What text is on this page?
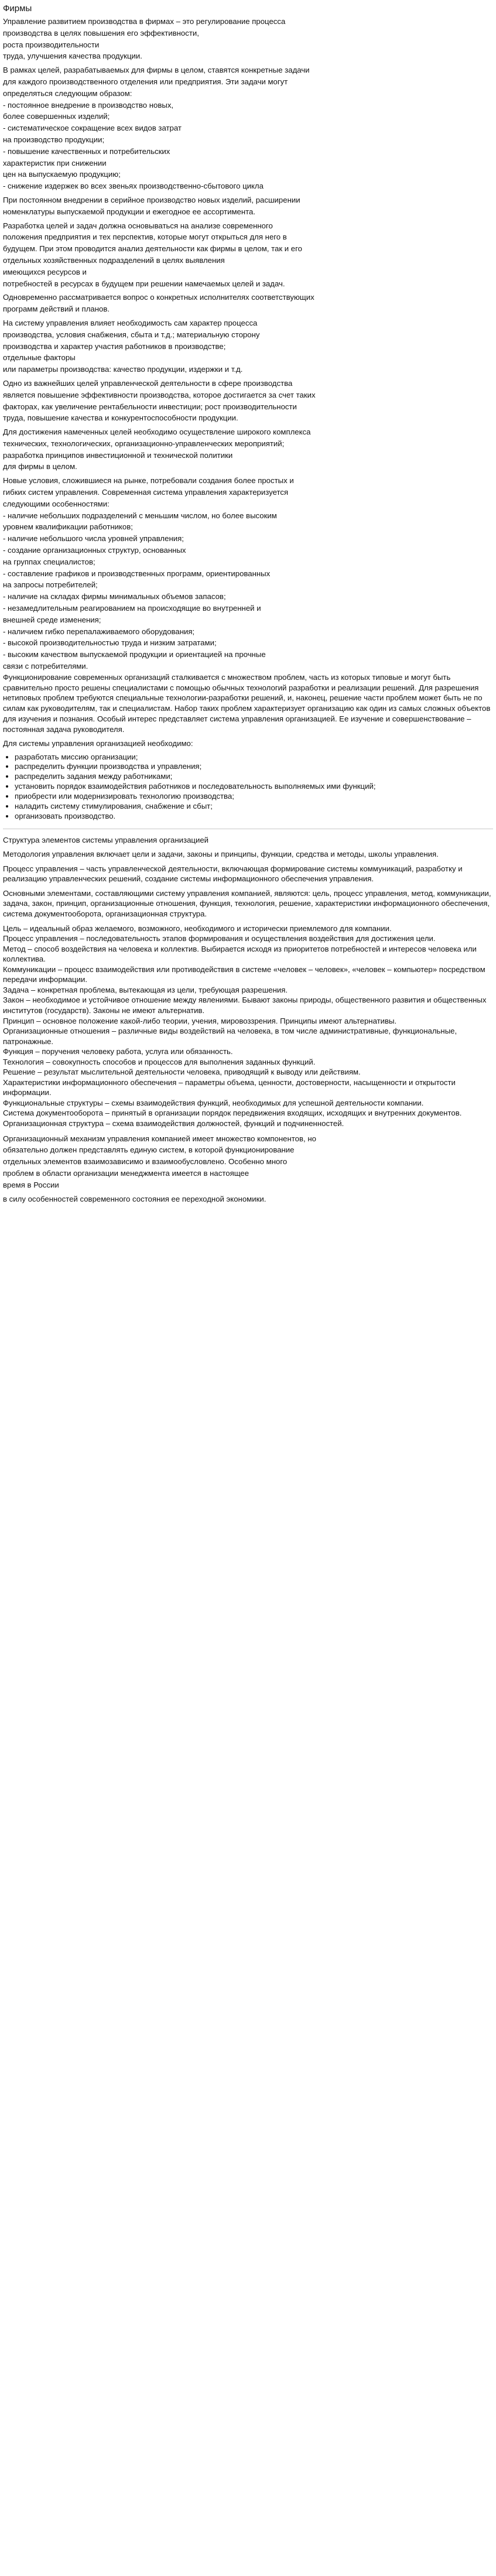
Фирмы

Управление развитием производства в фирмах – это регулирование процесса

производства в целях повышения его эффективности,

роста производительности

труда, улучшения качества продукции.

В рамках целей, разрабатываемых для фирмы в целом, ставятся конкретные задачи

для каждого производственного отделения или предприятия. Эти задачи могут

определяться следующим образом:

- постоянное внедрение в производство новых,

более совершенных изделий;

- систематическое сокращение всех видов затрат

на производство продукции;

- повышение качественных и потребительских

характеристик при снижении

цен на выпускаемую продукцию;

- снижение издержек во всех звеньях производственно-сбытового цикла

При постоянном внедрении в серийное производство новых изделий, расширении

номенклатуры выпускаемой продукции и ежегодное ее ассортимента.

Разработка целей и задач должна основываться на анализе современного

положения предприятия и тех перспектив, которые могут открыться для него в

будущем. При этом проводится анализ деятельности как фирмы в целом, так и его

отдельных хозяйственных подразделений в целях выявления

имеющихся ресурсов и

потребностей в ресурсах в будущем при решении намечаемых целей и задач.

Одновременно рассматривается вопрос о конкретных исполнителях соответствующих

программ действий и планов.

На систему управления влияет необходимость сам характер процесса

производства, условия снабжения, сбыта и т.д.; материальную сторону

производства и характер участия работников в производстве;

отдельные факторы

или параметры производства: качество продукции, издержки и т.д.

Одно из важнейших целей управленческой деятельности в сфере производства

является повышение эффективности производства, которое достигается за счет таких

факторах, как увеличение рентабельности инвестиции; рост производительности

труда, повышение качества и конкурентоспособности продукции.

Для достижения намеченных целей необходимо осуществление широкого комплекса

технических, технологических, организационно-управленческих мероприятий;

разработка принципов инвестиционной и технической политики

для фирмы в целом.

Новые условия, сложившиеся на рынке, потребовали создания более простых и

гибких систем управления. Современная система управления характеризуется

следующими особенностями:

- наличие небольших подразделений с меньшим числом, но более высоким

уровнем квалификации работников;

- наличие небольшого числа уровней управления;

- создание организационных структур, основанных

на группах специалистов;

- составление графиков и производственных программ, ориентированных

на запросы потребителей;

- наличие на складах фирмы минимальных объемов запасов;

- незамедлительным реагированием на происходящие во внутренней и

внешней среде изменения;

- наличием гибко перепалаживаемого оборудования;

- высокой производительностью труда и низким затратами;

- высоким качеством выпускаемой продукции и ориентацией на прочные

связи с потребителями.

Функционирование современных организаций сталкивается с множеством проблем, часть из которых типовые и могут быть сравнительно просто решены специалистами с помощью обычных технологий разработки и реализации решений. Для разрешения нетиповых проблем требуются специальные технологии-разработки решений, и, наконец, решение части проблем может быть не по силам как руководителям, так и специалистам. Набор таких проблем характеризует организацию как один из самых сложных объектов для изучения и познания. Особый интерес представляет система управления организацией. Ее изучение и совершенствование – постоянная задача руководителя.

Для системы управления организацией необходимо:

• разработать миссию организации;
• распределить функции производства и управления;
• распределить задания между работниками;
• установить порядок взаимодействия работников и последовательность выполняемых ими функций;
• приобрести или модернизировать технологию производства;
• наладить систему стимулирования, снабжение и сбыт;
• организовать производство.

Структура элементов системы управления организацией

Методология управления включает цели и задачи, законы и принципы, функции, средства и методы, школы управления.

Процесс управления – часть управленческой деятельности, включающая формирование системы коммуникаций, разработку и реализацию управленческих решений, создание системы информационного обеспечения управления.

Основными элементами, составляющими систему управления компанией, являются: цель, процесс управления, метод, коммуникации, задача, закон, принцип, организационные отношения, функция, технология, решение, характеристики информационного обеспечения, система документооборота, организационная структура.

Цель – идеальный образ желаемого, возможного, необходимого и исторически приемлемого для компании.

Процесс управления – последовательность этапов формирования и осуществления воздействия для достижения цели.

Метод – способ воздействия на человека и коллектив. Выбирается исходя из приоритетов потребностей и интересов человека или коллектива.

Коммуникации – процесс взаимодействия или противодействия в системе «человек – человек», «человек – компьютер» посредством передачи информации.

Задача – конкретная проблема, вытекающая из цели, требующая разрешения.

Закон – необходимое и устойчивое отношение между явлениями. Бывают законы природы, общественного развития и общественных институтов (государств). Законы не имеют альтернатив.

Принцип – основное положение какой-либо теории, учения, мировоззрения. Принципы имеют альтернативы.

Организационные отношения – различные виды воздействий на человека, в том числе административные, функциональные, патронажные.

Функция – поручения человеку работа, услуга или обязанность.

Технология – совокупность способов и процессов для выполнения заданных функций.

Решение – результат мыслительной деятельности человека, приводящий к выводу или действиям.

Характеристики информационного обеспечения – параметры объема, ценности, достоверности, насыщенности и открытости информации.

Функциональные структуры – схемы взаимодействия функций, необходимых для успешной деятельности компании.

Система документооборота – принятый в организации порядок передвижения входящих, исходящих и внутренних документов.

Организационная структура – схема взаимодействия должностей, функций и подчиненностей.

Организационный механизм управления компанией имеет множество компонентов, но

обязательно должен представлять единую систем, в которой функционирование

отдельных элементов взаимозависимо и взаимообусловлено. Особенно много

проблем в области организации менеджмента имеется в настоящее

время в России

в силу особенностей современного состояния ее переходной экономики.
